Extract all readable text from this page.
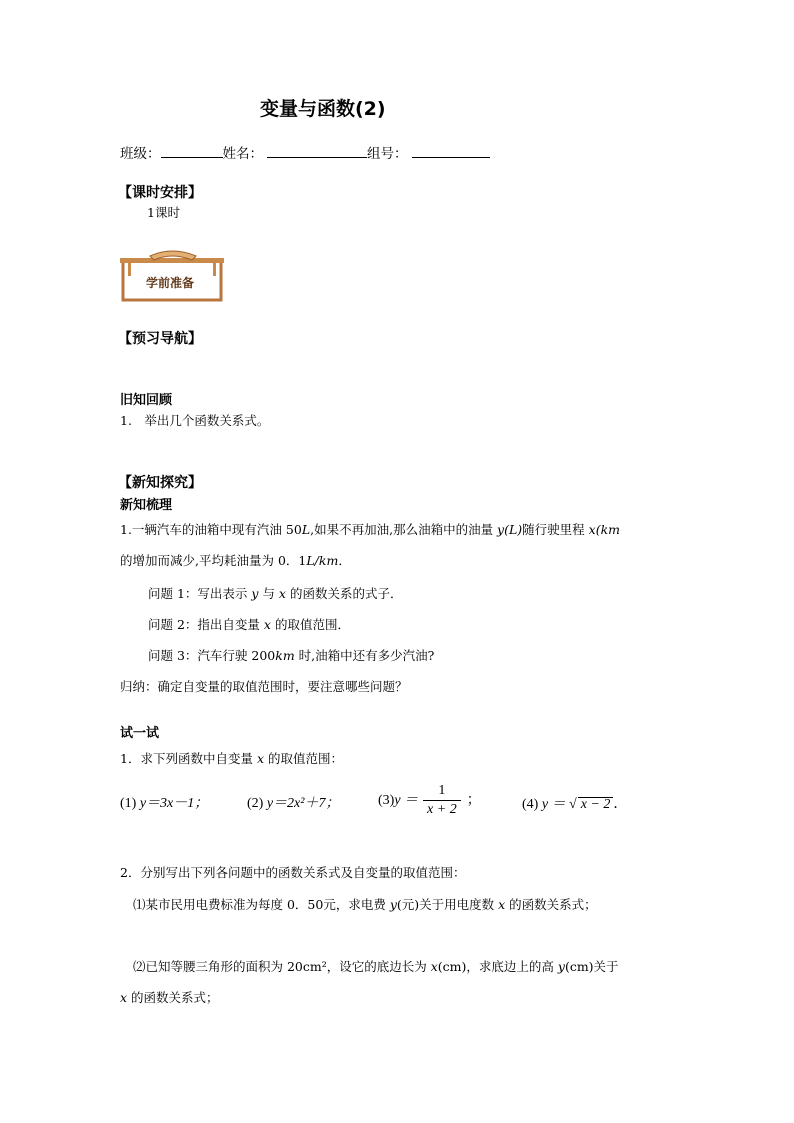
变量与函数(2)
班级：	姓名：	组号：
【课时安排】
1课时
学前准备
【预习导航】
旧知回顾
1.　举出几个函数关系式。
【新知探究】
新知梳理
1.一辆汽车的油箱中现有汽油 50L,如果不再加油,那么油箱中的油量 y(L)随行驶里程 x(km
的增加而减少,平均耗油量为 0．1L/km．
问题 1：写出表示 y 与 x 的函数关系的式子．
问题 2：指出自变量 x 的取值范围．
问题 3：汽车行驶 200km 时,油箱中还有多少汽油?
归纳：确定自变量的取值范围时，要注意哪些问题？
试一试
1．求下列函数中自变量 x 的取值范围：
(1) y＝3x－1；	(2) y＝2x²＋7；	(3) $y = \frac{1}{x + 2}$ ；	(4) y ＝ √ x − 2 ．
2．分别写出下列各问题中的函数关系式及自变量的取值范围：
⑴某市民用电费标准为每度 0．50元，求电费 y(元)关于用电度数 x 的函数关系式；
⑵已知等腰三角形的面积为 20cm²，设它的底边长为 x(cm)，求底边上的高 y(cm)关于
x 的函数关系式；
